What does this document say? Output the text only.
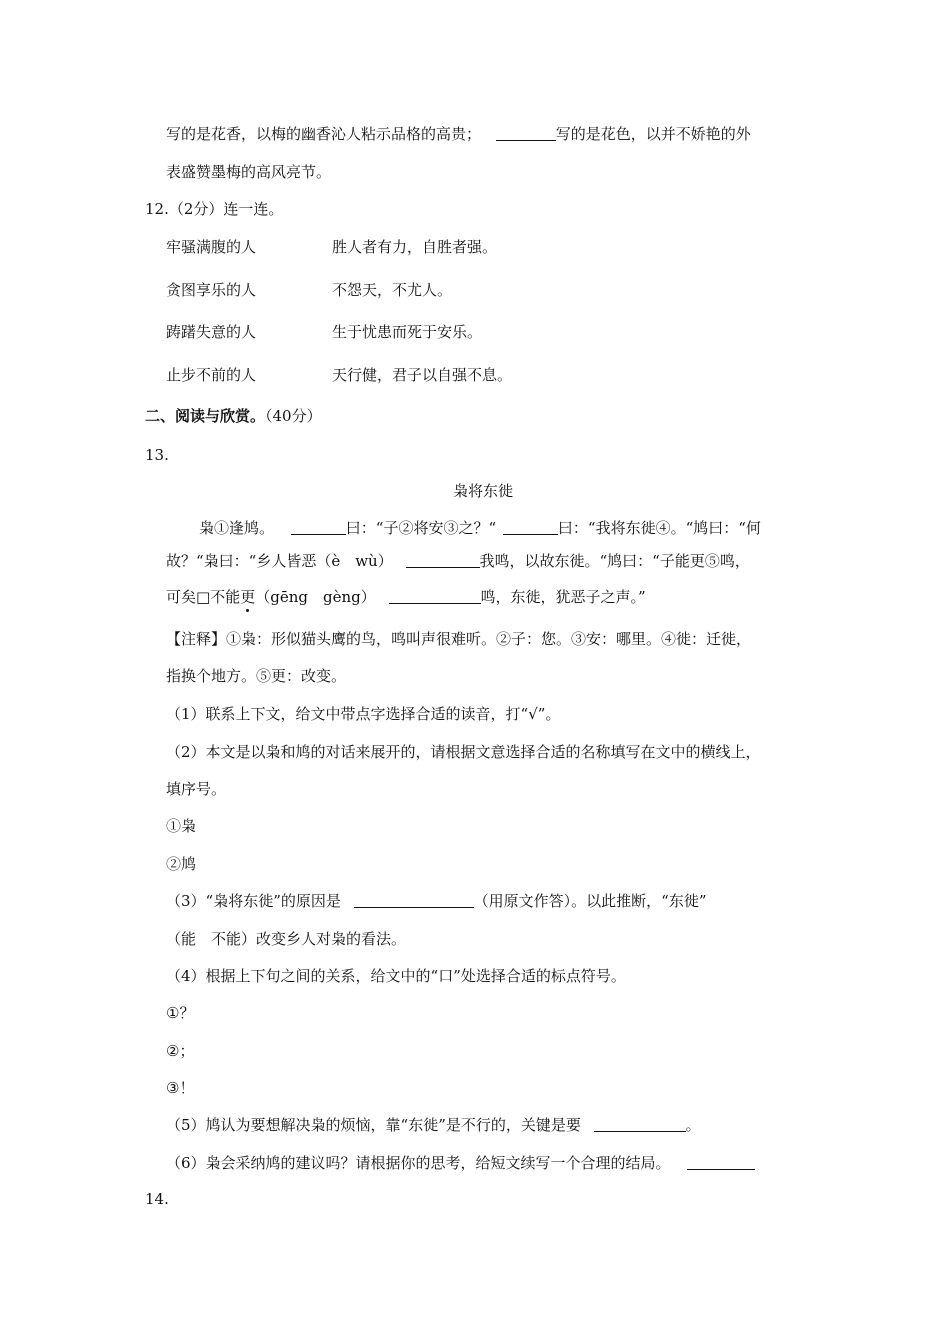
写的是花香，以梅的幽香沁人粘示品格的高贵；	写的是花色，以并不娇艳的外
表盛赞墨梅的高风亮节。
12.（2分）连一连。
牢骚满腹的人	胜人者有力，自胜者强。
贪图享乐的人	不怨天，不尤人。
踌躇失意的人	生于忧患而死于安乐。
止步不前的人	天行健，君子以自强不息。
二、阅读与欣赏。（40分）
13.
枭将东徙
枭①逢鸠。	曰：“子②将安③之？“	曰：“我将东徙④。“鸠曰：“何
故？“枭曰：“乡人皆恶（è　wù）	我鸣，以故东徙。“鸠曰：“子能更⑤鸣，
可矣□不能更（gēng　gèng）	鸣，东徙，犹恶子之声。”
【注释】①枭：形似猫头鹰的鸟，鸣叫声很难听。②子：您。③安：哪里。④徙：迁徙，
指换个地方。⑤更：改变。
（1）联系上下文，给文中带点字选择合适的读音，打“√”。
（2）本文是以枭和鸠的对话来展开的，请根据文意选择合适的名称填写在文中的横线上，
填序号。
①枭
②鸠
（3）“枭将东徙”的原因是	（用原文作答）。以此推断，“东徙”
（能　不能）改变乡人对枭的看法。
（4）根据上下句之间的关系，给文中的“口”处选择合适的标点符号。
①？
②；
③！
（5）鸠认为要想解决枭的烦恼，靠“东徙”是不行的，关键是要	。
（6）枭会采纳鸠的建议吗？请根据你的思考，给短文续写一个合理的结局。
14.
